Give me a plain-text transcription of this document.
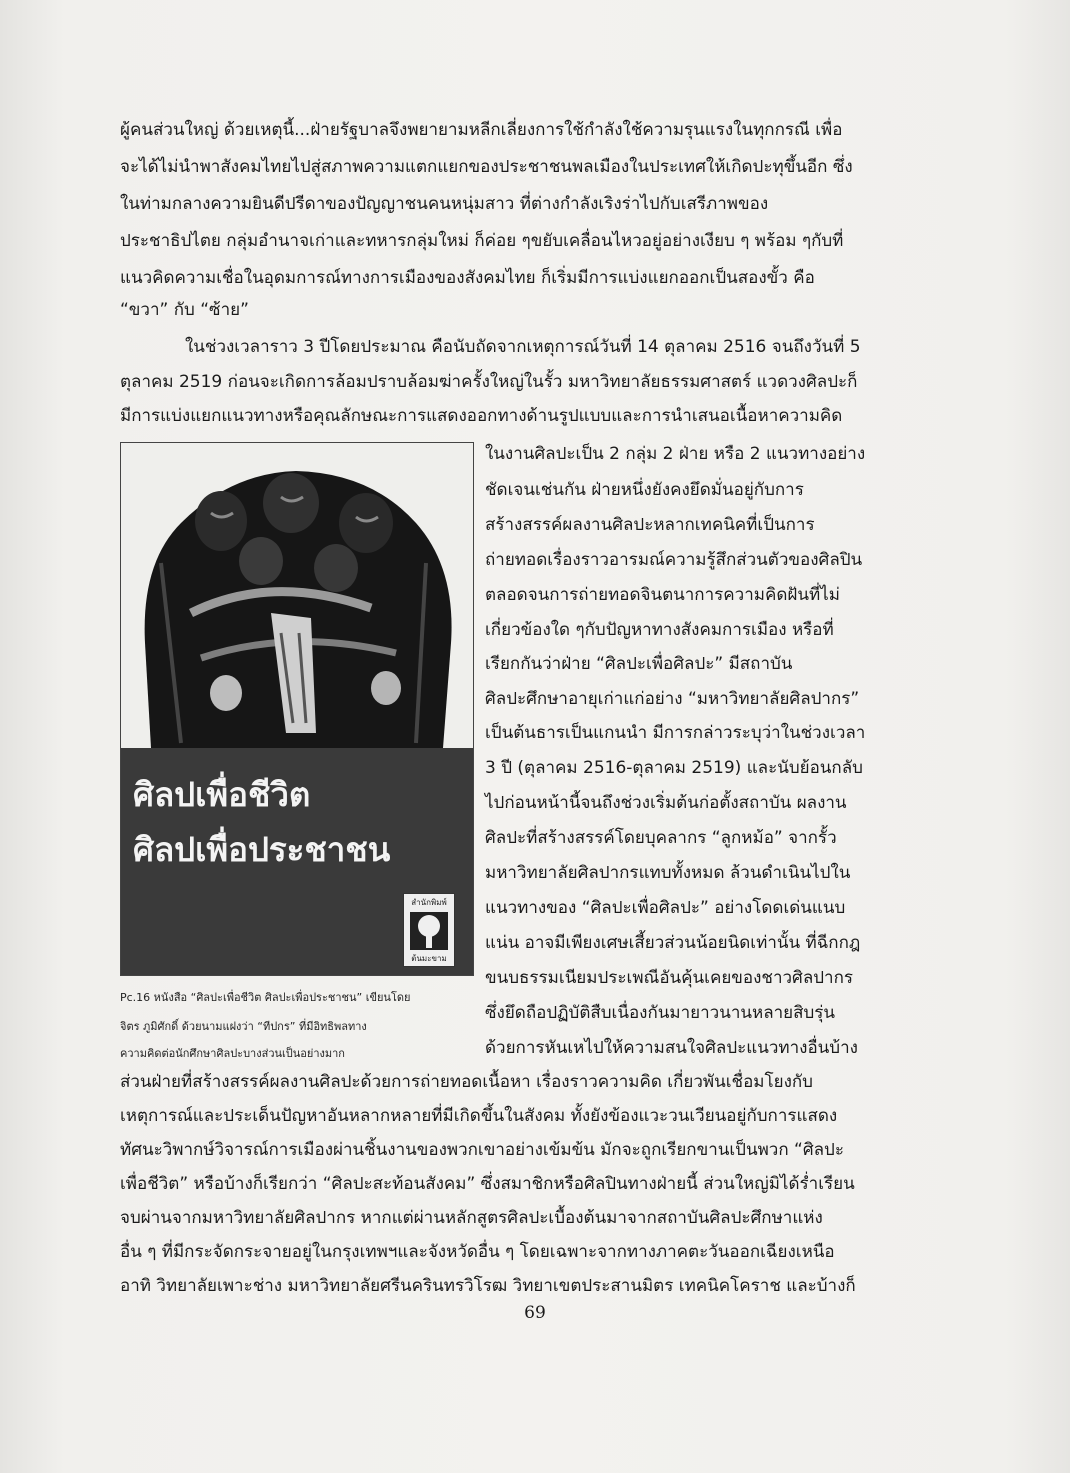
ผู้คนส่วนใหญ่ ด้วยเหตุนี้...ฝ่ายรัฐบาลจึงพยายามหลีกเลี่ยงการใช้กำลังใช้ความรุนแรงในทุกกรณี เพื่อ
จะได้ไม่นำพาสังคมไทยไปสู่สภาพความแตกแยกของประชาชนพลเมืองในประเทศให้เกิดปะทุขึ้นอีก ซึ่ง
ในท่ามกลางความยินดีปรีดาของปัญญาชนคนหนุ่มสาว ที่ต่างกำลังเริงร่าไปกับเสรีภาพของ
ประชาธิปไตย กลุ่มอำนาจเก่าและทหารกลุ่มใหม่ ก็ค่อย ๆขยับเคลื่อนไหวอยู่อย่างเงียบ ๆ พร้อม ๆกับที่
แนวคิดความเชื่อในอุดมการณ์ทางการเมืองของสังคมไทย ก็เริ่มมีการแบ่งแยกออกเป็นสองขั้ว คือ
“ขวา” กับ “ซ้าย”
ในช่วงเวลาราว 3 ปีโดยประมาณ คือนับถัดจากเหตุการณ์วันที่ 14 ตุลาคม 2516 จนถึงวันที่ 5
ตุลาคม 2519 ก่อนจะเกิดการล้อมปราบล้อมฆ่าครั้งใหญ่ในรั้ว มหาวิทยาลัยธรรมศาสตร์ แวดวงศิลปะก็
มีการแบ่งแยกแนวทางหรือคุณลักษณะการแสดงออกทางด้านรูปแบบและการนำเสนอเนื้อหาความคิด
ศิลปเพื่อชีวิต
ศิลปเพื่อประชาชน
สำนักพิมพ์
ต้นมะขาม
Pc.16 หนังสือ “ศิลปะเพื่อชีวิต ศิลปะเพื่อประชาชน” เขียนโดย
จิตร ภูมิศักดิ์ ด้วยนามแฝงว่า “ทีปกร” ที่มีอิทธิพลทาง
ความคิดต่อนักศึกษาศิลปะบางส่วนเป็นอย่างมาก
ในงานศิลปะเป็น 2 กลุ่ม 2 ฝ่าย หรือ 2 แนวทางอย่าง
ชัดเจนเช่นกัน ฝ่ายหนึ่งยังคงยึดมั่นอยู่กับการ
สร้างสรรค์ผลงานศิลปะหลากเทคนิคที่เป็นการ
ถ่ายทอดเรื่องราวอารมณ์ความรู้สึกส่วนตัวของศิลปิน
ตลอดจนการถ่ายทอดจินตนาการความคิดฝันที่ไม่
เกี่ยวข้องใด ๆกับปัญหาทางสังคมการเมือง หรือที่
เรียกกันว่าฝ่าย “ศิลปะเพื่อศิลปะ” มีสถาบัน
ศิลปะศึกษาอายุเก่าแก่อย่าง “มหาวิทยาลัยศิลปากร”
เป็นต้นธารเป็นแกนนำ มีการกล่าวระบุว่าในช่วงเวลา
3 ปี (ตุลาคม 2516-ตุลาคม 2519) และนับย้อนกลับ
ไปก่อนหน้านี้จนถึงช่วงเริ่มต้นก่อตั้งสถาบัน ผลงาน
ศิลปะที่สร้างสรรค์โดยบุคลากร “ลูกหม้อ” จากรั้ว
มหาวิทยาลัยศิลปากรแทบทั้งหมด ล้วนดำเนินไปใน
แนวทางของ “ศิลปะเพื่อศิลปะ” อย่างโดดเด่นแนบ
แน่น อาจมีเพียงเศษเสี้ยวส่วนน้อยนิดเท่านั้น ที่ฉีกกฎ
ขนบธรรมเนียมประเพณีอันคุ้นเคยของชาวศิลปากร
ซึ่งยึดถือปฏิบัติสืบเนื่องกันมายาวนานหลายสิบรุ่น
ด้วยการหันเหไปให้ความสนใจศิลปะแนวทางอื่นบ้าง
ส่วนฝ่ายที่สร้างสรรค์ผลงานศิลปะด้วยการถ่ายทอดเนื้อหา เรื่องราวความคิด เกี่ยวพันเชื่อมโยงกับ
เหตุการณ์และประเด็นปัญหาอันหลากหลายที่มีเกิดขึ้นในสังคม ทั้งยังข้องแวะวนเวียนอยู่กับการแสดง
ทัศนะวิพากษ์วิจารณ์การเมืองผ่านชิ้นงานของพวกเขาอย่างเข้มข้น มักจะถูกเรียกขานเป็นพวก “ศิลปะ
เพื่อชีวิต” หรือบ้างก็เรียกว่า “ศิลปะสะท้อนสังคม” ซึ่งสมาชิกหรือศิลปินทางฝ่ายนี้ ส่วนใหญ่มิได้ร่ำเรียน
จบผ่านจากมหาวิทยาลัยศิลปากร หากแต่ผ่านหลักสูตรศิลปะเบื้องต้นมาจากสถาบันศิลปะศึกษาแห่ง
อื่น ๆ ที่มีกระจัดกระจายอยู่ในกรุงเทพฯและจังหวัดอื่น ๆ โดยเฉพาะจากทางภาคตะวันออกเฉียงเหนือ
อาทิ วิทยาลัยเพาะช่าง มหาวิทยาลัยศรีนครินทรวิโรฒ วิทยาเขตประสานมิตร เทคนิคโคราช และบ้างก็
69
